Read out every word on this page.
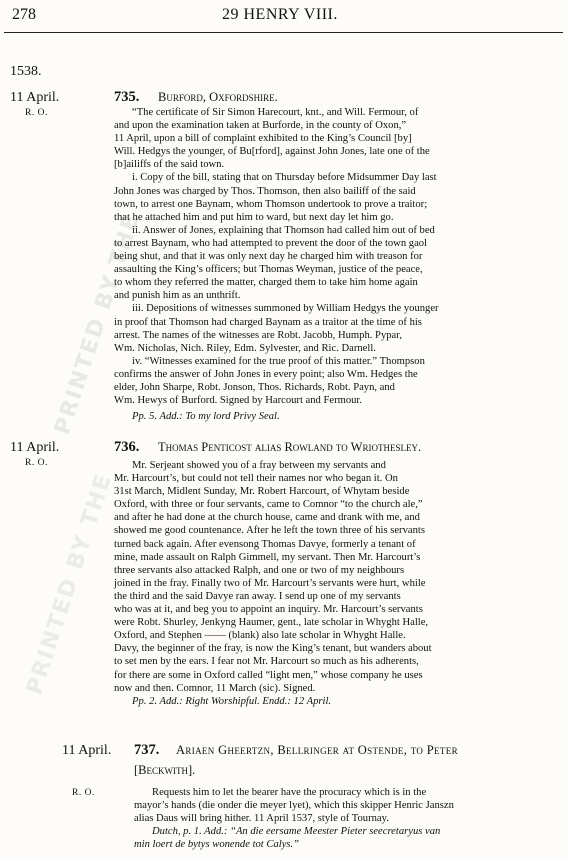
PRINTED BY THE
PRINTED BY THE
278	29 HENRY VIII.
1538.
11 April.
R. O.
735. Burford, Oxfordshire.
“The certificate of Sir Simon Harecourt, knt., and Will. Fermour, of
and upon the examination taken at Burforde, in the county of Oxon,”
11 April, upon a bill of complaint exhibited to the King’s Council [by]
Will. Hedgys the younger, of Bu[rford], against John Jones, late one of the
[b]ailiffs of the said town.
i. Copy of the bill, stating that on Thursday before Midsummer Day last
John Jones was charged by Thos. Thomson, then also bailiff of the said
town, to arrest one Baynam, whom Thomson undertook to prove a traitor;
that he attached him and put him to ward, but next day let him go.
ii. Answer of Jones, explaining that Thomson had called him out of bed
to arrest Baynam, who had attempted to prevent the door of the town gaol
being shut, and that it was only next day he charged him with treason for
assaulting the King’s officers; but Thomas Weyman, justice of the peace,
to whom they referred the matter, charged them to take him home again
and punish him as an unthrift.
iii. Depositions of witnesses summoned by William Hedgys the younger
in proof that Thomson had charged Baynam as a traitor at the time of his
arrest. The names of the witnesses are Robt. Jacobb, Humph. Pypar,
Wm. Nicholas, Nich. Riley, Edm. Sylvester, and Ric. Darnell.
iv. “Witnesses examined for the true proof of this matter.” Thompson
confirms the answer of John Jones in every point; also Wm. Hedges the
elder, John Sharpe, Robt. Jonson, Thos. Richards, Robt. Payn, and
Wm. Hewys of Burford. Signed by Harcourt and Fermour.
Pp. 5. Add.: To my lord Privy Seal.
11 April.
R. O.
736. Thomas Penticost alias Rowland to Wriothesley.
Mr. Serjeant showed you of a fray between my servants and
Mr. Harcourt’s, but could not tell their names nor who began it. On
31st March, Midlent Sunday, Mr. Robert Harcourt, of Whytam beside
Oxford, with three or four servants, came to Comnor “to the church ale,”
and after he had done at the church house, came and drank with me, and
showed me good countenance. After he left the town three of his servants
turned back again. After evensong Thomas Davye, formerly a tenant of
mine, made assault on Ralph Gimmell, my servant. Then Mr. Harcourt’s
three servants also attacked Ralph, and one or two of my neighbours
joined in the fray. Finally two of Mr. Harcourt’s servants were hurt, while
the third and the said Davye ran away. I send up one of my servants
who was at it, and beg you to appoint an inquiry. Mr. Harcourt’s servants
were Robt. Shurley, Jenkyng Haumer, gent., late scholar in Whyght Halle,
Oxford, and Stephen —— (blank) also late scholar in Whyght Halle.
Davy, the beginner of the fray, is now the King’s tenant, but wanders about
to set men by the ears. I fear not Mr. Harcourt so much as his adherents,
for there are some in Oxford called “light men,” whose company he uses
now and then. Comnor, 11 March (sic). Signed.
Pp. 2. Add.: Right Worshipful. Endd.: 12 April.
11 April.
R. O.
737. Ariaen Gheertzn, Bellringer at Ostende, to Peter
[Beckwith].
Requests him to let the bearer have the procuracy which is in the
mayor’s hands (die onder die meyer lyet), which this skipper Henric Janszn
alias Daus will bring hither. 11 April 1537, style of Tournay.
Dutch, p. 1. Add.: “An die eersame Meester Pieter seecretaryus van
min loert de bytys wonende tot Calys.”
